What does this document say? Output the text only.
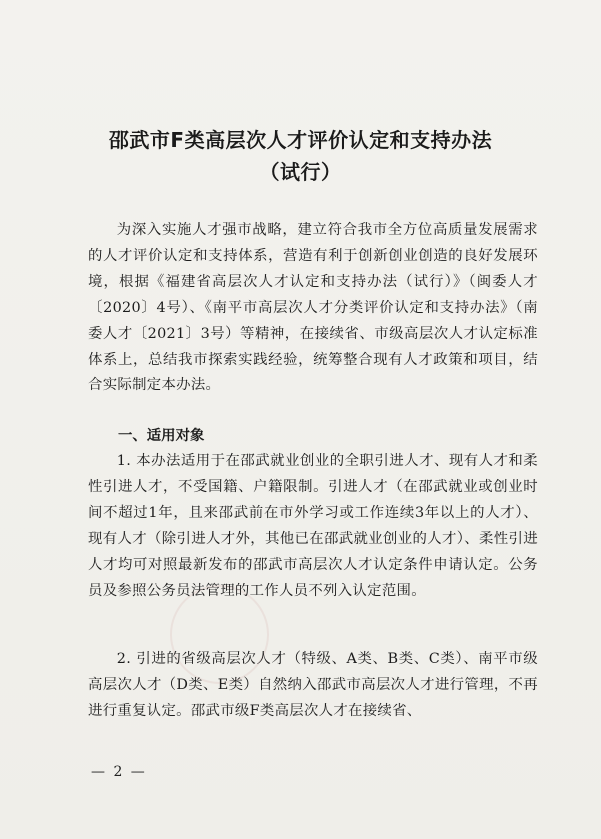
邵武市F类高层次人才评价认定和支持办法
（试行）

为深入实施人才强市战略，建立符合我市全方位高质量发展需求的人才评价认定和支持体系，营造有利于创新创业创造的良好发展环境，根据《福建省高层次人才认定和支持办法（试行）》（闽委人才〔2020〕4号）、《南平市高层次人才分类评价认定和支持办法》（南委人才〔2021〕3号）等精神，在接续省、市级高层次人才认定标准体系上，总结我市探索实践经验，统筹整合现有人才政策和项目，结合实际制定本办法。

一、适用对象

1. 本办法适用于在邵武就业创业的全职引进人才、现有人才和柔性引进人才，不受国籍、户籍限制。引进人才（在邵武就业或创业时间不超过1年，且来邵武前在市外学习或工作连续3年以上的人才）、现有人才（除引进人才外，其他已在邵武就业创业的人才）、柔性引进人才均可对照最新发布的邵武市高层次人才认定条件申请认定。公务员及参照公务员法管理的工作人员不列入认定范围。

2. 引进的省级高层次人才（特级、A类、B类、C类）、南平市级高层次人才（D类、E类）自然纳入邵武市高层次人才进行管理，不再进行重复认定。邵武市级F类高层次人才在接续省、

— 2 —
